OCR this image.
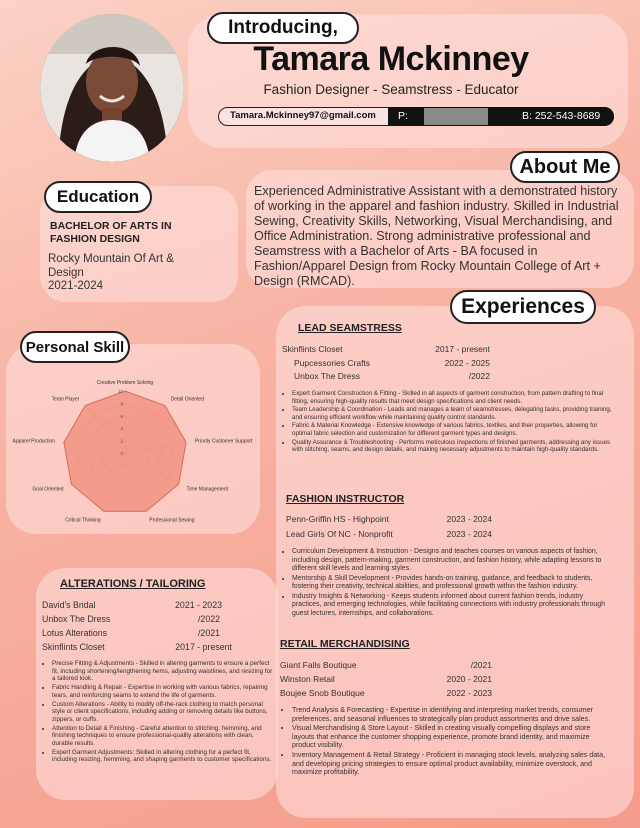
Introducing,
Tamara Mckinney
Fashion Designer - Seamstress - Educator
Tamara.Mckinney97@gmail.com P:	B: 252-543-8689
About Me
Experienced Administrative Assistant with a demonstrated history of working in the apparel and fashion industry. Skilled in Industrial Sewing, Creativity Skills, Networking, Visual Merchandising, and Office Administration. Strong administrative professional and Seamstress with a Bachelor of Arts - BA focused in Fashion/Apparel Design from Rocky Mountain College of Art + Design (RMCAD).
Education
BACHELOR OF ARTS IN FASHION DESIGN
Rocky Mountain Of Art & Design
2021-2024
Personal Skill
0
2
4
6
8
10
Creative Problem Solving
Detail Oriented
Priority Customer Support
Time Management
Professional Sewing
Critical Thinking
Goal Oriented
Apparel Production
Team Player
Experiences
LEAD SEAMSTRESS
Skinflints Closet	2017 - present
Pupcessories Crafts	2022 - 2025
Unbox The Dress	/2022
• Expert Garment Construction & Fitting - Skilled in all aspects of garment construction, from pattern drafting to final fitting, ensuring high-quality results that meet design specifications and client needs.
• Team Leadership & Coordination - Leads and manages a team of seamstresses, delegating tasks, providing training, and ensuring efficient workflow while maintaining quality control standards.
• Fabric & Material Knowledge - Extensive knowledge of various fabrics, textiles, and their properties, allowing for optimal fabric selection and customization for different garment types and designs.
• Quality Assurance & Troubleshooting - Performs meticulous inspections of finished garments, addressing any issues with stitching, seams, and design details, and making necessary adjustments to maintain high-quality standards.
FASHION INSTRUCTOR
Penn-Griffin HS - Highpoint	2023 - 2024
Lead Girls Of NC - Nonprofit	2023 - 2024
• Curriculum Development & Instruction - Designs and teaches courses on various aspects of fashion, including design, pattern-making, garment construction, and fashion history, while adapting lessons to different skill levels and learning styles.
• Mentorship & Skill Development - Provides hands-on training, guidance, and feedback to students, fostering their creativity, technical abilities, and professional growth within the fashion industry.
• Industry Insights & Networking - Keeps students informed about current fashion trends, industry practices, and emerging technologies, while facilitating connections with industry professionals through guest lectures, internships, and collaborations.
RETAIL MERCHANDISING
Giant Falls Boutique	/2021
Winston Retail	2020 - 2021
Boujee Snob Boutique	2022 - 2023
• Trend Analysis & Forecasting - Expertise in identifying and interpreting market trends, consumer preferences, and seasonal influences to strategically plan product assortments and drive sales.
• Visual Merchandising & Store Layout - Skilled in creating visually compelling displays and store layouts that enhance the customer shopping experience, promote brand identity, and maximize product visibility.
• Inventory Management & Retail Strategy - Proficient in managing stock levels, analyzing sales data, and developing pricing strategies to ensure optimal product availability, minimize overstock, and maximize profitability.
ALTERATIONS / TAILORING
David's Bridal	2021 - 2023
Unbox The Dress	/2022
Lotus Alterations	/2021
Skinflints Closet	2017 - present
• Precise Fitting & Adjustments - Skilled in altering garments to ensure a perfect fit, including shortening/lengthening hems, adjusting waistlines, and resizing for a tailored look.
• Fabric Handling & Repair - Expertise in working with various fabrics, repairing tears, and reinforcing seams to extend the life of garments.
• Custom Alterations - Ability to modify off-the-rack clothing to match personal style or client specifications, including adding or removing details like buttons, zippers, or cuffs.
• Attention to Detail & Finishing - Careful attention to stitching, hemming, and finishing techniques to ensure professional-quality alterations with clean, durable results.
• Expert Garment Adjustments: Skilled in altering clothing for a perfect fit, including resizing, hemming, and shaping garments to customer specifications.
